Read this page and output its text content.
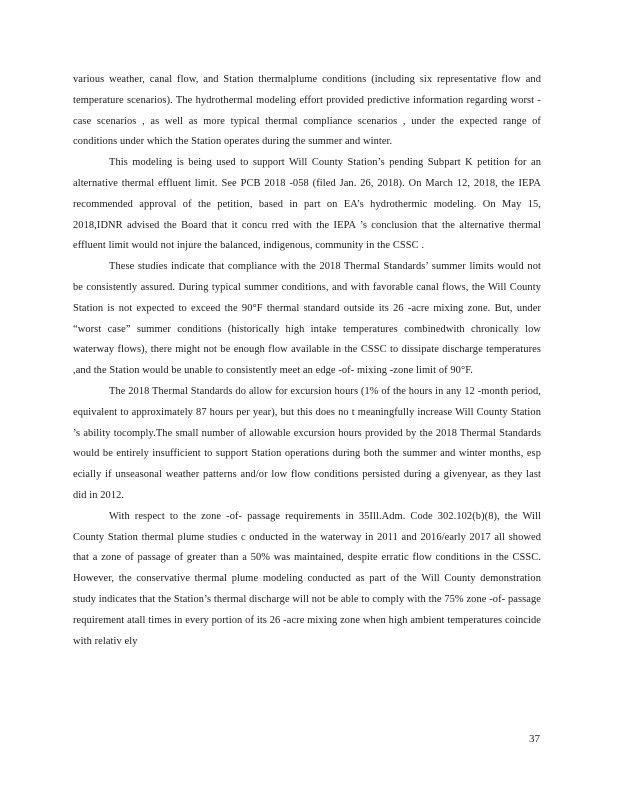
various weather, canal flow, and Station thermalplume conditions (including six representative flow and temperature scenarios). The hydrothermal modeling effort provided predictive information regarding worst -case scenarios , as well as more typical thermal compliance scenarios , under the expected range of conditions under which the Station operates during the summer and winter.

This modeling is being used to support Will County Station’s pending Subpart K petition for an alternative thermal effluent limit. See PCB 2018 -058 (filed Jan. 26, 2018). On March 12, 2018, the IEPA recommended approval of the petition, based in part on EA’s hydrothermic modeling. On May 15, 2018,IDNR advised the Board that it concu rred with the IEPA ’s conclusion that the alternative thermal effluent limit would not injure the balanced, indigenous, community in the CSSC .

These studies indicate that compliance with the 2018 Thermal Standards’ summer limits would not be consistently assured. During typical summer conditions, and with favorable canal flows, the Will County Station is not expected to exceed the 90°F thermal standard outside its 26 -acre mixing zone. But, under “worst case” summer conditions (historically high intake temperatures combinedwith chronically low waterway flows), there might not be enough flow available in the CSSC to dissipate discharge temperatures ,and the Station would be unable to consistently meet an edge -of- mixing -zone limit of 90°F.

The 2018 Thermal Standards do allow for excursion hours (1% of the hours in any 12 -month period, equivalent to approximately 87 hours per year), but this does no t meaningfully increase Will County Station ’s ability tocomply.The small number of allowable excursion hours provided by the 2018 Thermal Standards would be entirely insufficient to support Station operations during both the summer and winter months, esp ecially if unseasonal weather patterns and/or low flow conditions persisted during a givenyear, as they last did in 2012.

With respect to the zone -of- passage requirements in 35Ill.Adm. Code 302.102(b)(8), the Will County Station thermal plume studies c onducted in the waterway in 2011 and 2016/early 2017 all showed that a zone of passage of greater than a 50% was maintained, despite erratic flow conditions in the CSSC. However, the conservative thermal plume modeling conducted as part of the Will County demonstration study indicates that the Station’s thermal discharge will not be able to comply with the 75% zone -of- passage requirement atall times in every portion of its 26 -acre mixing zone when high ambient temperatures coincide with relativ ely

37
